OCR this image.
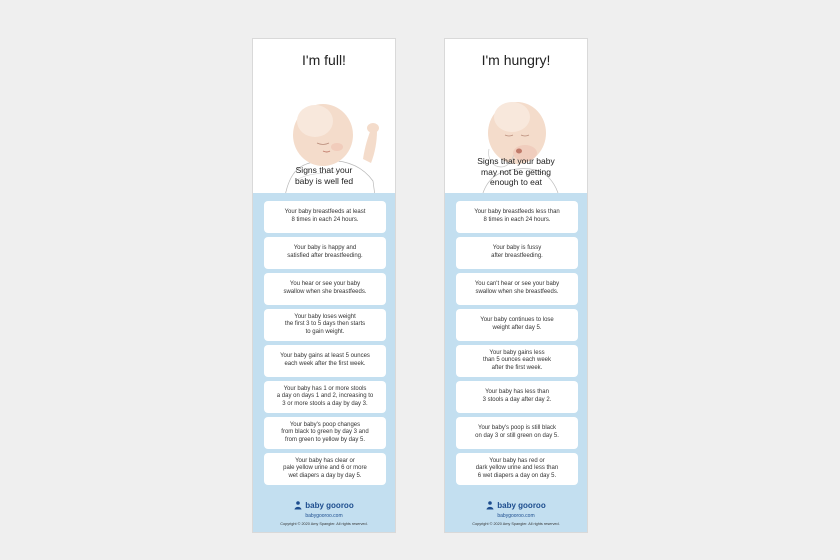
I'm full!
Signs that your
baby is well fed
Your baby breastfeeds at least
8 times in each 24 hours.
Your baby is happy and
satisfied after breastfeeding.
You hear or see your baby
swallow when she breastfeeds.
Your baby loses weight
the first 3 to 5 days then starts
to gain weight.
Your baby gains at least 5 ounces
each week after the first week.
Your baby has 1 or more stools
a day on days 1 and 2, increasing to
3 or more stools a day by day 3.
Your baby's poop changes
from black to green by day 3 and
from green to yellow by day 5.
Your baby has clear or
pale yellow urine and 6 or more
wet diapers a day by day 5.
baby gooroo
babygooroo.com
Copyright © 2020 Amy Spangler. All rights reserved.
I'm hungry!
Signs that your baby
may not be getting
enough to eat
Your baby breastfeeds less than
8 times in each 24 hours.
Your baby is fussy
after breastfeeding.
You can't hear or see your baby
swallow when she breastfeeds.
Your baby continues to lose
weight after day 5.
Your baby gains less
than 5 ounces each week
after the first week.
Your baby has less than
3 stools a day after day 2.
Your baby's poop is still black
on day 3 or still green on day 5.
Your baby has red or
dark yellow urine and less than
6 wet diapers a day on day 5.
baby gooroo
babygooroo.com
Copyright © 2020 Amy Spangler. All rights reserved.
